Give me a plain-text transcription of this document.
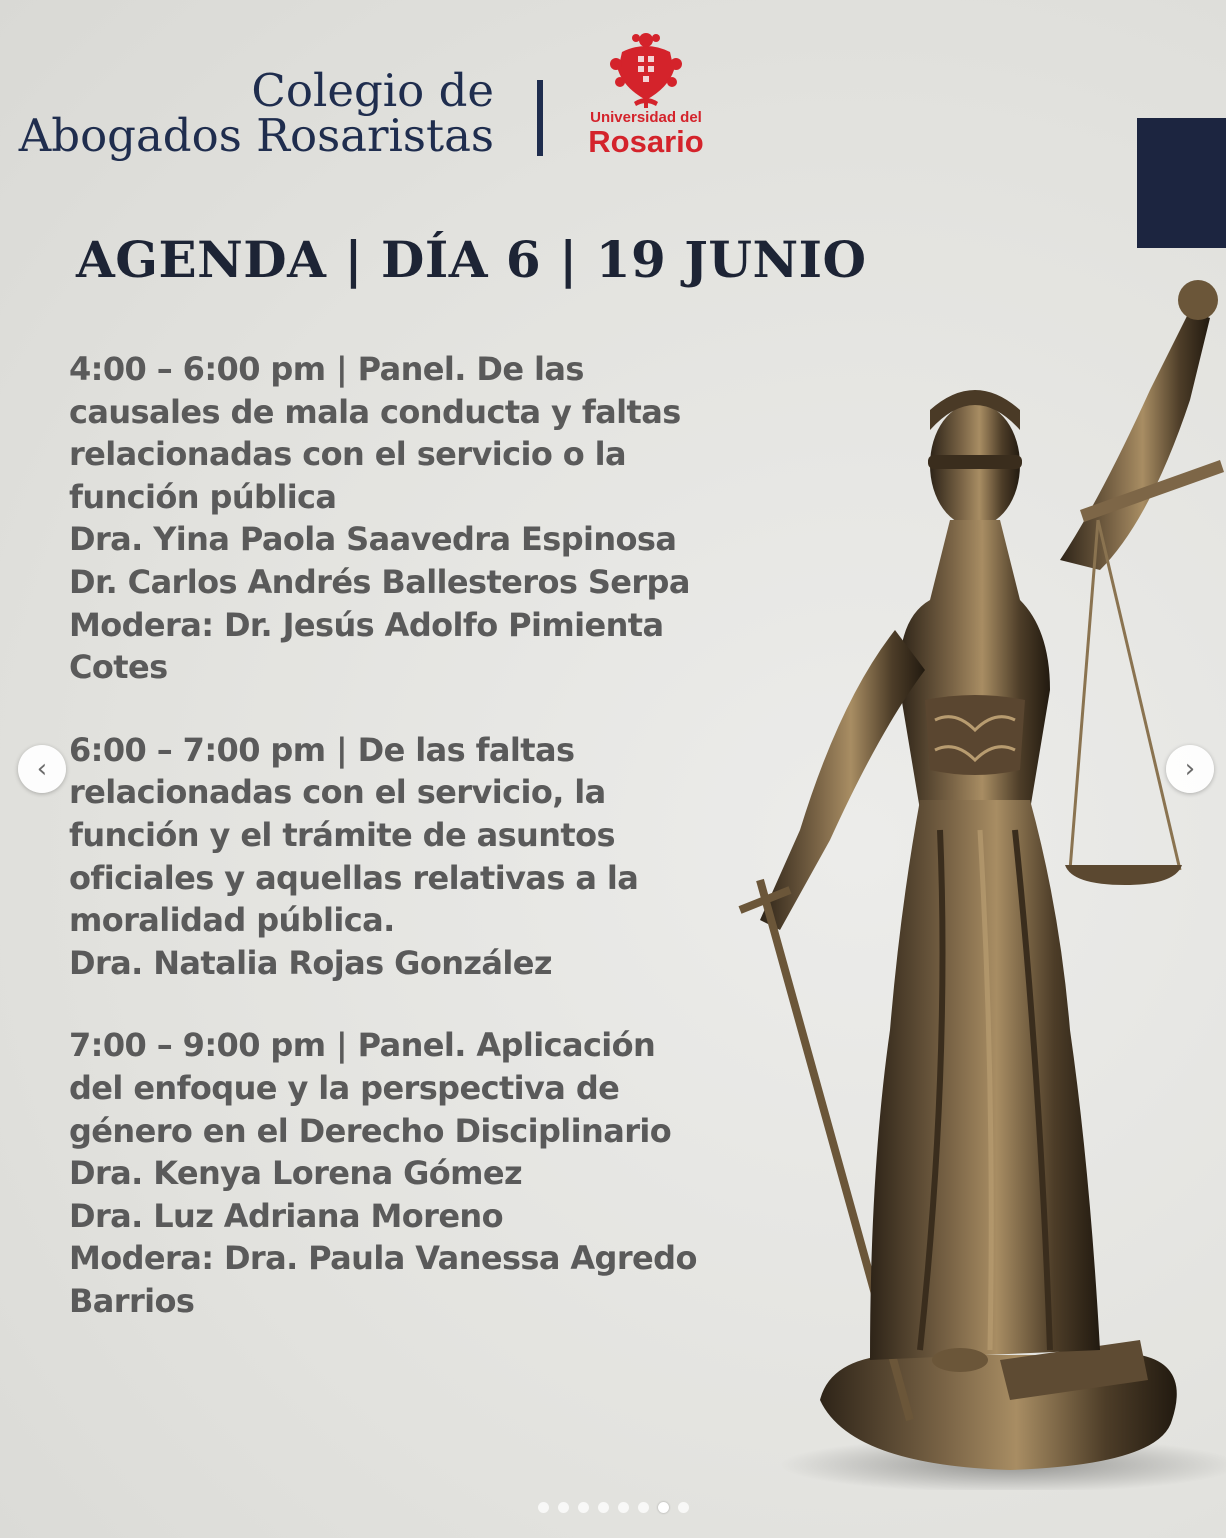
Colegio de
Abogados Rosaristas	Universidad del
Rosario
AGENDA | DÍA 6 | 19 JUNIO
4:00 – 6:00 pm | Panel. De las
causales de mala conducta y faltas
relacionadas con el servicio o la
función pública
Dra. Yina Paola Saavedra Espinosa
Dr. Carlos Andrés Ballesteros Serpa
Modera: Dr. Jesús Adolfo Pimienta
Cotes
6:00 – 7:00 pm | De las faltas
relacionadas con el servicio, la
función y el trámite de asuntos
oficiales y aquellas relativas a la
moralidad pública.
Dra. Natalia Rojas González
7:00 – 9:00 pm | Panel. Aplicación
del enfoque y la perspectiva de
género en el Derecho Disciplinario
Dra. Kenya Lorena Gómez
Dra. Luz Adriana Moreno
Modera: Dra. Paula Vanessa Agredo
Barrios
‹	›
